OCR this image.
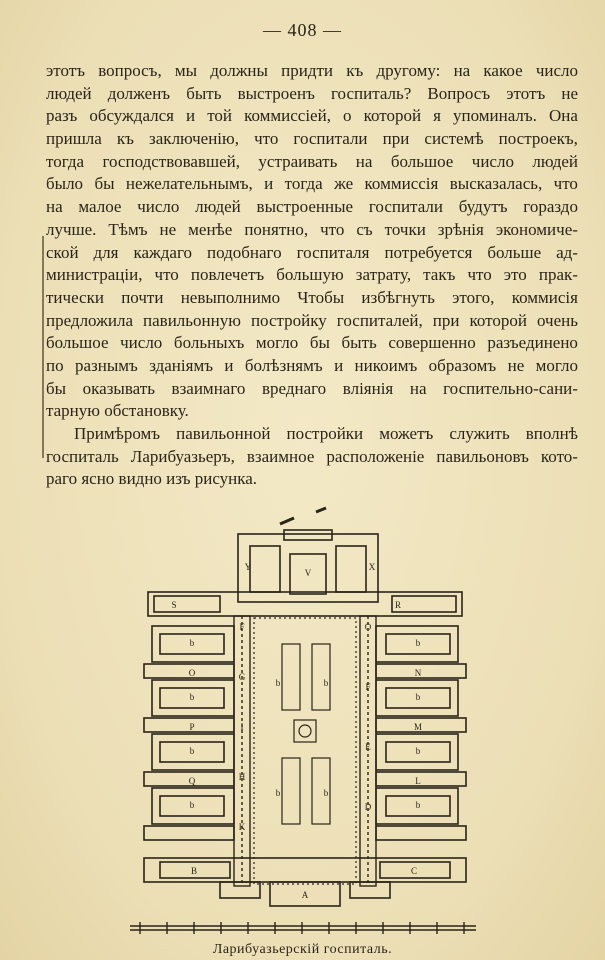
— 408 —
этотъ вопросъ, мы должны придти къ другому: на какое число
людей долженъ быть выстроенъ госпиталь? Вопросъ этотъ не
разъ обсуждался и той коммиссiей, о которой я упоминалъ. Она
пришла къ заключенiю, что госпитали при системѣ построекъ,
тогда господствовавшей, устраивать на большое число людей
было бы нежелательнымъ, и тогда же коммиссiя высказалась, что
на малое число людей выстроенные госпитали будутъ гораздо
лучше. Тѣмъ не менѣе понятно, что съ точки зрѣнiя экономиче-
ской для каждаго подобнаго госпиталя потребуется больше ад-
министрацiи, что повлечетъ большую затрату, такъ что это прак-
тически почти невыполнимо Чтобы избѣгнуть этого, коммисiя
предложила павильонную постройку госпиталей, при которой очень
большое число больныхъ могло бы быть совершенно разъединено
по разнымъ зданiямъ и болѣзнямъ и никоимъ образомъ не могло
бы оказывать взаимнаго вреднаго влiянiя на госпительно-сани-
тарную обстановку.
Примѣромъ павильонной постройки можетъ служить вполнѣ
госпиталь Ларибуазьеръ, взаимное расположенiе павильоновъ кото-
раго ясно видно изъ рисунка.
Y
V
X
S	R
O
P
Q
N
M
L
b	b
b	b
b	b
b	b
F
G
I
H
K
O
F
E
D
b	b
b	b
B	C
A
Ларибуазьерскiй госпиталь.
